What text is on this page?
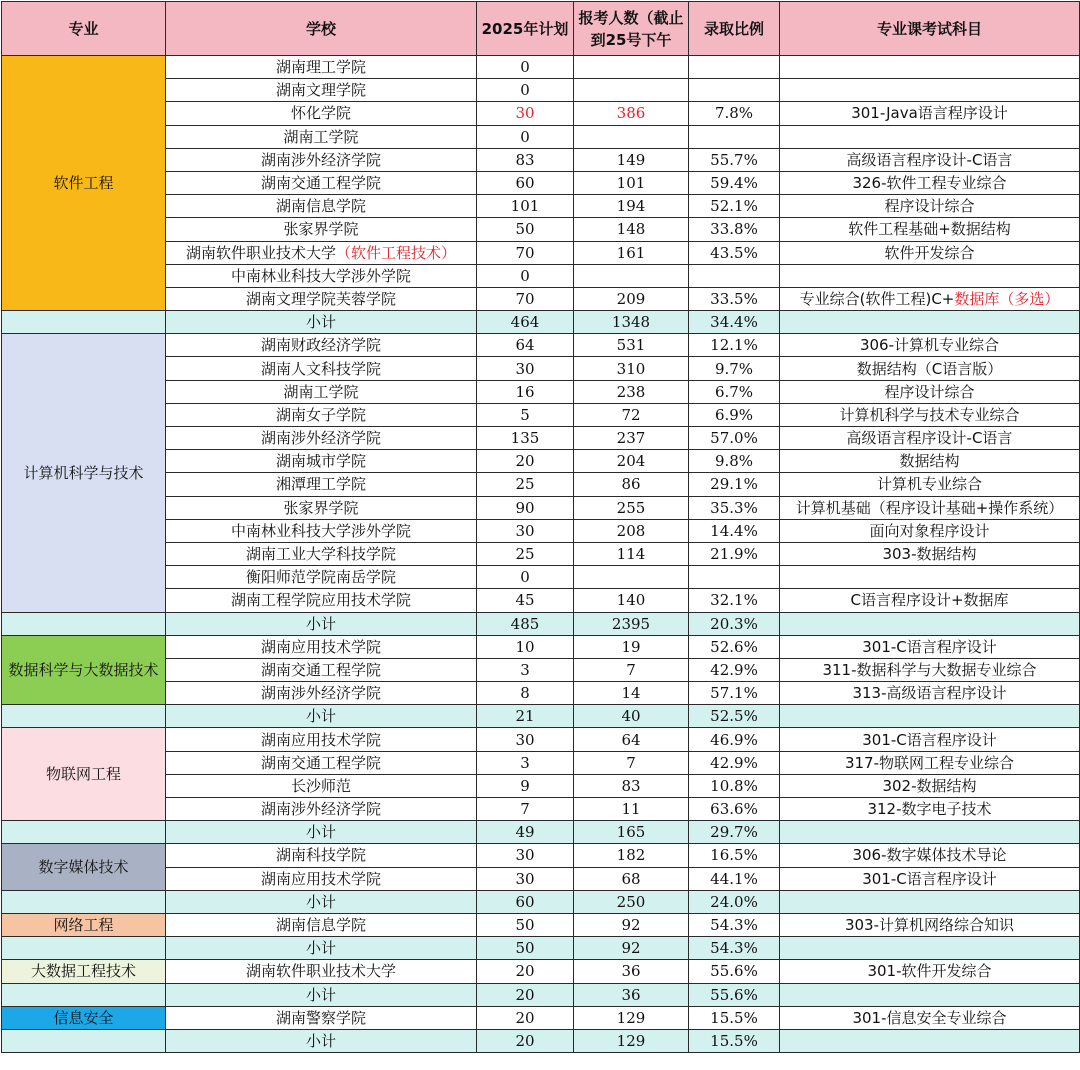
专业	学校	2025年计划	报考人数（截止到25号下午	录取比例	专业课考试科目
软件工程	湖南理工学院	0			
	湖南文理学院	0			
	怀化学院	30	386	7.8%	301-Java语言程序设计
	湖南工学院	0			
	湖南涉外经济学院	83	149	55.7%	高级语言程序设计-C语言
	湖南交通工程学院	60	101	59.4%	326-软件工程专业综合
	湖南信息学院	101	194	52.1%	程序设计综合
	张家界学院	50	148	33.8%	软件工程基础+数据结构
	湖南软件职业技术大学（软件工程技术）	70	161	43.5%	软件开发综合
	中南林业科技大学涉外学院	0			
	湖南文理学院芙蓉学院	70	209	33.5%	专业综合(软件工程)C+数据库（多选）
	小计	464	1348	34.4%	
计算机科学与技术	湖南财政经济学院	64	531	12.1%	306-计算机专业综合
	湖南人文科技学院	30	310	9.7%	数据结构（C语言版）
	湖南工学院	16	238	6.7%	程序设计综合
	湖南女子学院	5	72	6.9%	计算机科学与技术专业综合
	湖南涉外经济学院	135	237	57.0%	高级语言程序设计-C语言
	湖南城市学院	20	204	9.8%	数据结构
	湘潭理工学院	25	86	29.1%	计算机专业综合
	张家界学院	90	255	35.3%	计算机基础（程序设计基础+操作系统）
	中南林业科技大学涉外学院	30	208	14.4%	面向对象程序设计
	湖南工业大学科技学院	25	114	21.9%	303-数据结构
	衡阳师范学院南岳学院	0			
	湖南工程学院应用技术学院	45	140	32.1%	C语言程序设计+数据库
	小计	485	2395	20.3%	
数据科学与大数据技术	湖南应用技术学院	10	19	52.6%	301-C语言程序设计
	湖南交通工程学院	3	7	42.9%	311-数据科学与大数据专业综合
	湖南涉外经济学院	8	14	57.1%	313-高级语言程序设计
	小计	21	40	52.5%	
物联网工程	湖南应用技术学院	30	64	46.9%	301-C语言程序设计
	湖南交通工程学院	3	7	42.9%	317-物联网工程专业综合
	长沙师范	9	83	10.8%	302-数据结构
	湖南涉外经济学院	7	11	63.6%	312-数字电子技术
	小计	49	165	29.7%	
数字媒体技术	湖南科技学院	30	182	16.5%	306-数字媒体技术导论
	湖南应用技术学院	30	68	44.1%	301-C语言程序设计
	小计	60	250	24.0%	
网络工程	湖南信息学院	50	92	54.3%	303-计算机网络综合知识
	小计	50	92	54.3%	
大数据工程技术	湖南软件职业技术大学	20	36	55.6%	301-软件开发综合
	小计	20	36	55.6%	
信息安全	湖南警察学院	20	129	15.5%	301-信息安全专业综合
	小计	20	129	15.5%	
